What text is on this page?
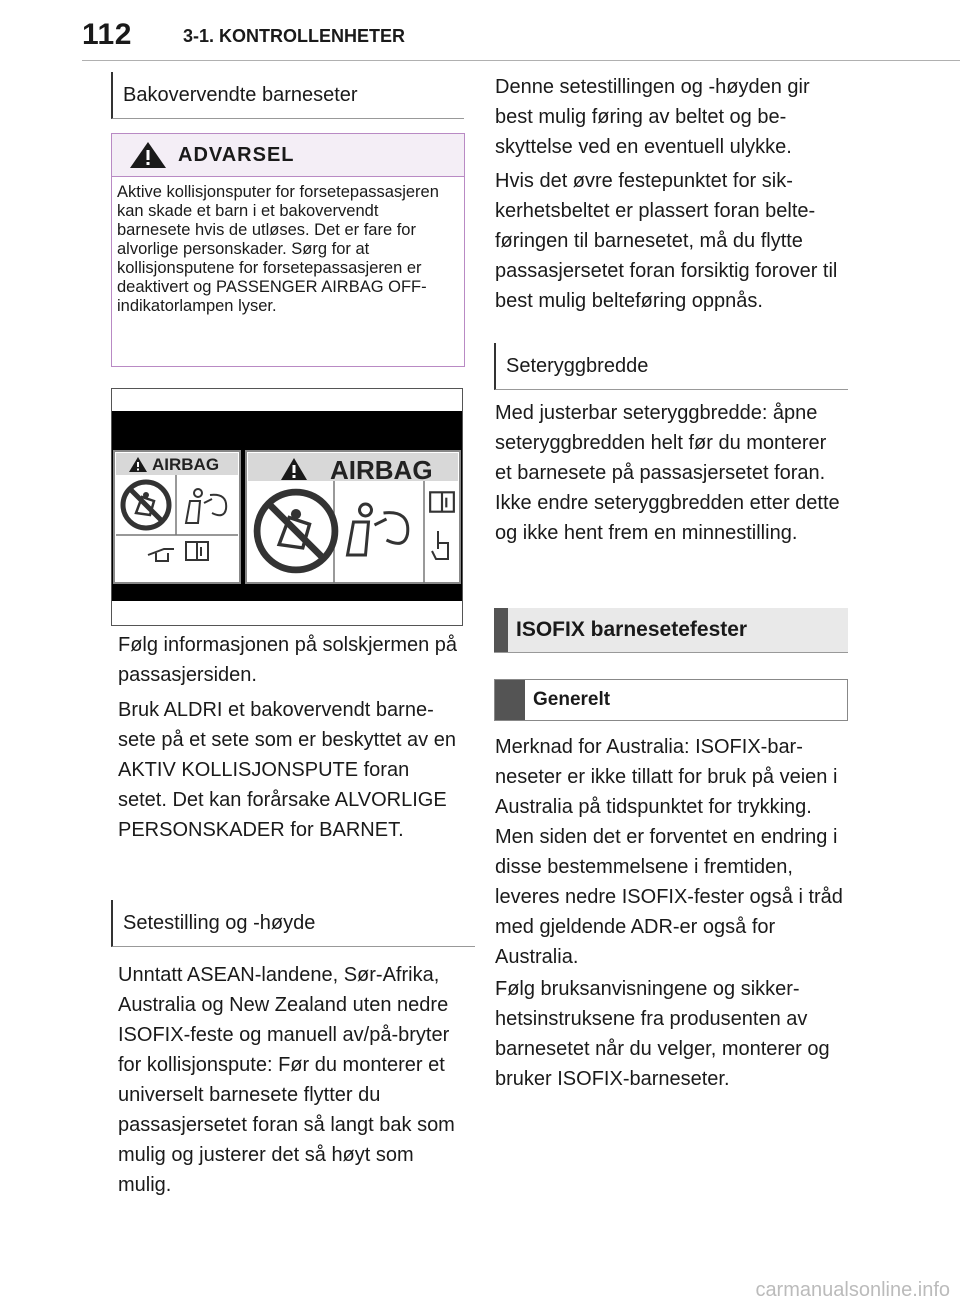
112	3-1. KONTROLLENHETER
Bakovervendte barneseter
ADVARSEL

Aktive kollisjonsputer for forsetepassasjeren kan skade et barn i et bakovervendt barnesete hvis de utløses. Det er fare for alvorlige personskader. Sørg for at kollisjonsputene for forsetepassasjeren er deaktivert og PASSENGER AIRBAG OFF-indikatorlampen lyser.

AIRBAG	AIRBAG

Følg informasjonen på solskjermen på passasjersiden.

Bruk ALDRI et bakovervendt barnesete på et sete som er beskyttet av en AKTIV KOLLISJONSPUTE foran setet. Det kan forårsake ALVORLIGE PERSONSKADER for BARNET.

Setestilling og -høyde

Unntatt ASEAN-landene, Sør-Afrika, Australia og New Zealand uten nedre ISOFIX-feste og manuell av/på-bryter for kollisjonspute: Før du monterer et universelt barnesete flytter du passasjersetet foran så langt bak som mulig og justerer det så høyt som mulig.

Denne setestillingen og -høyden gir best mulig føring av beltet og beskyttelse ved en eventuell ulykke.

Hvis det øvre festepunktet for sikkerhetsbeltet er plassert foran belteføringen til barnesetet, må du flytte passasjersetet foran forsiktig forover til best mulig belteføring oppnås.

Seteryggbredde

Med justerbar seteryggbredde: åpne seteryggbredden helt før du monterer et barnesete på passasjersetet foran. Ikke endre seteryggbredden etter dette og ikke hent frem en minnestilling.

ISOFIX barnesetefester
Generelt

Merknad for Australia: ISOFIX-barneseter er ikke tillatt for bruk på veien i Australia på tidspunktet for trykking. Men siden det er forventet en endring i disse bestemmelsene i fremtiden, leveres nedre ISOFIX-fester også i tråd med gjeldende ADR-er også for Australia.

Følg bruksanvisningene og sikkerhetsinstruksene fra produsenten av barnesetet når du velger, monterer og bruker ISOFIX-barneseter.

carmanualsonline.info
